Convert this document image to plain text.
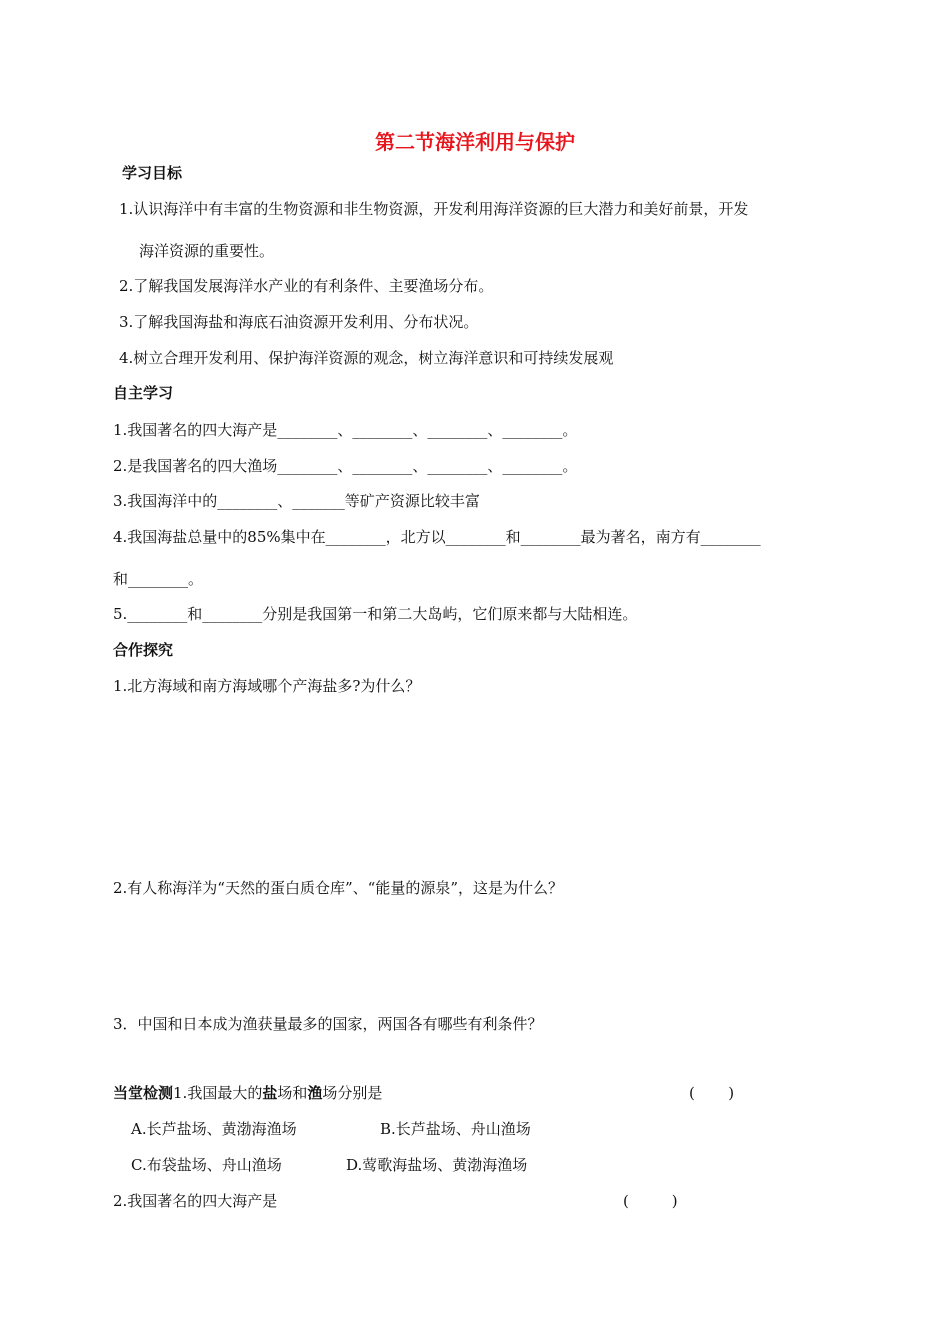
第二节海洋利用与保护
学习目标
1.认识海洋中有丰富的生物资源和非生物资源，开发利用海洋资源的巨大潜力和美好前景，开发
海洋资源的重要性。
2.了解我国发展海洋水产业的有利条件、主要渔场分布。
3.了解我国海盐和海底石油资源开发利用、分布状况。
4.树立合理开发利用、保护海洋资源的观念，树立海洋意识和可持续发展观
自主学习
1.我国著名的四大海产是________、________、________、________。
2.是我国著名的四大渔场________、________、________、________。
3.我国海洋中的________、_______等矿产资源比较丰富
4.我国海盐总量中的85%集中在________，北方以________和________最为著名，南方有________
和________。
5.________和________分别是我国第一和第二大岛屿，它们原来都与大陆相连。
合作探究
1.北方海域和南方海域哪个产海盐多?为什么？
2.有人称海洋为“天然的蛋白质仓库”、“能量的源泉”，这是为什么？
3．中国和日本成为渔获量最多的国家，两国各有哪些有利条件？
当堂检测1.我国最大的盐场和渔场分别是	(       )
A.长芦盐场、黄渤海渔场	B.长芦盐场、舟山渔场
C.布袋盐场、舟山渔场	D.莺歌海盐场、黄渤海渔场
2.我国著名的四大海产是	(         )
